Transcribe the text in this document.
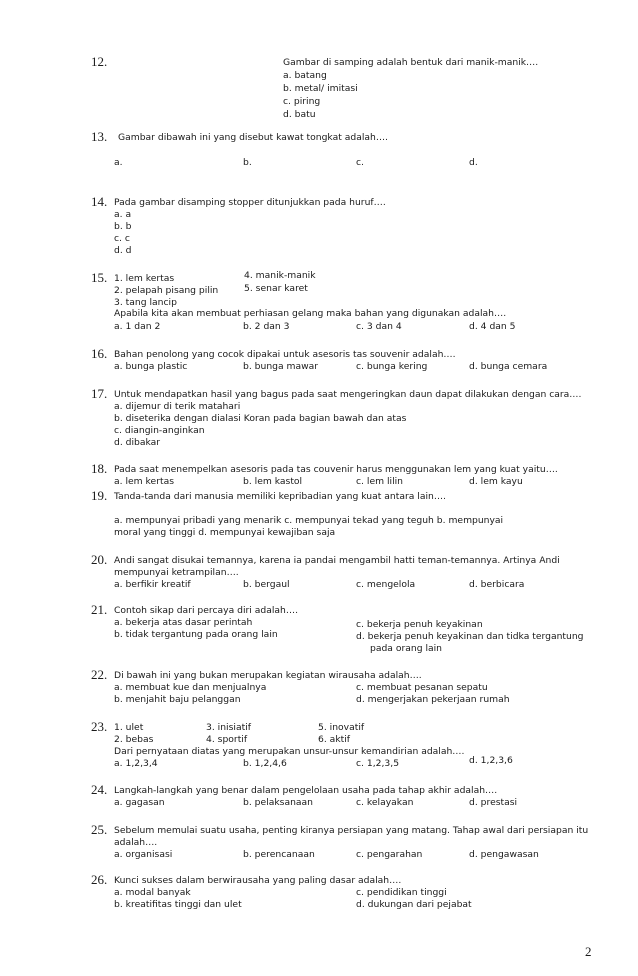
12.	Gambar di samping adalah bentuk dari manik-manik….
a. batang
b. metal/ imitasi
c. piring
d. batu
13. Gambar dibawah ini yang disebut kawat tongkat adalah….
a.	b.	c.	d.
14. Pada gambar disamping stopper ditunjukkan pada huruf….
a. a
b. b
c. c
d. d
15. 1. lem kertas	4. manik-manik
2. pelapah pisang pilin	5. senar karet
3. tang lancip
Apabila kita akan membuat perhiasan gelang maka bahan yang digunakan adalah….
a. 1 dan 2	b. 2 dan 3	c. 3 dan 4	d. 4 dan 5
16. Bahan penolong yang cocok dipakai untuk asesoris tas souvenir adalah….
a. bunga plastic	b. bunga mawar	c. bunga kering	d. bunga cemara
17. Untuk mendapatkan hasil yang bagus pada saat mengeringkan daun dapat dilakukan dengan cara….
a. dijemur di terik matahari
b. diseterika dengan dialasi Koran pada bagian bawah dan atas
c. diangin-anginkan
d. dibakar
18. Pada saat menempelkan asesoris pada tas couvenir harus menggunakan lem yang kuat yaitu….
a. lem kertas	b. lem kastol	c. lem lilin	d. lem kayu
19. Tanda-tanda dari manusia memiliki kepribadian yang kuat antara lain….
a. mempunyai pribadi yang menarik c. mempunyai tekad yang teguh b. mempunyai
moral yang tinggi d. mempunyai kewajiban saja
20. Andi sangat disukai temannya, karena ia pandai mengambil hatti teman-temannya. Artinya Andi
mempunyai ketrampilan….
a. berfikir kreatif	b. bergaul	c. mengelola	d. berbicara
21. Contoh sikap dari percaya diri adalah….
a. bekerja atas dasar perintah	c. bekerja penuh keyakinan
b. tidak tergantung pada orang lain	d. bekerja penuh keyakinan dan tidka tergantung
pada orang lain
22. Di bawah ini yang bukan merupakan kegiatan wirausaha adalah….
a. membuat kue dan menjualnya	c. membuat pesanan sepatu
b. menjahit baju pelanggan	d. mengerjakan pekerjaan rumah
23. 1. ulet	3. inisiatif	5. inovatif
2. bebas	4. sportif	6. aktif
Dari pernyataan diatas yang merupakan unsur-unsur kemandirian adalah….
a. 1,2,3,4	b. 1,2,4,6	c. 1,2,3,5	d. 1,2,3,6
24. Langkah-langkah yang benar dalam pengelolaan usaha pada tahap akhir adalah….
a. gagasan	b. pelaksanaan	c. kelayakan	d. prestasi
25. Sebelum memulai suatu usaha, penting kiranya persiapan yang matang. Tahap awal dari persiapan itu
adalah….
a. organisasi	b. perencanaan	c. pengarahan	d. pengawasan
26. Kunci sukses dalam berwirausaha yang paling dasar adalah….
a. modal banyak	c. pendidikan tinggi
b. kreatifitas tinggi dan ulet	d. dukungan dari pejabat
2
